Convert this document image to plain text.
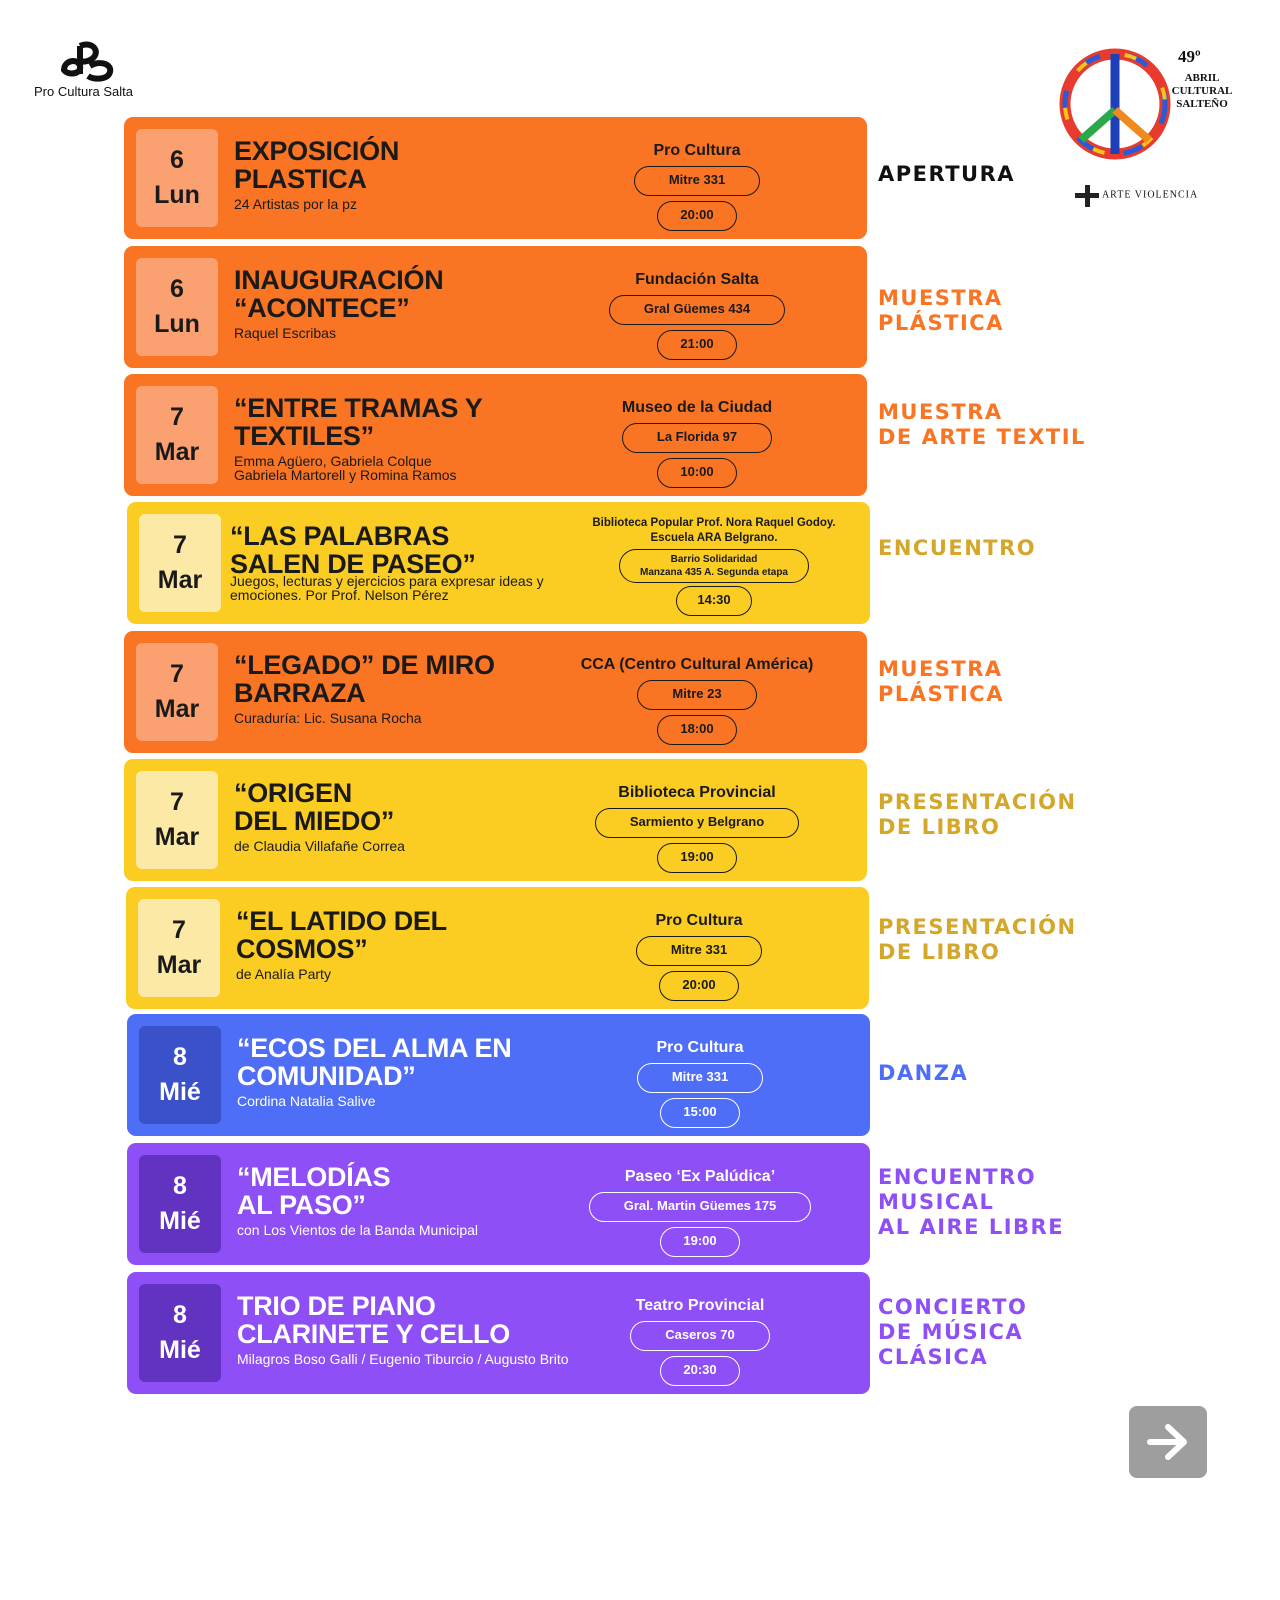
Pro Cultura Salta
49º
ABRIL CULTURAL SALTEÑO
ARTE VIOLENCIA
6
Lun
EXPOSICIÓN
PLASTICA
24 Artistas por la pz
Pro Cultura
Mitre 331
20:00
APERTURA
6
Lun
INAUGURACIÓN
“ACONTECE”
Raquel Escribas
Fundación Salta
Gral Güemes 434
21:00
MUESTRA
PLÁSTICA
7
Mar
“ENTRE TRAMAS Y
TEXTILES”
Emma Agüero, Gabriela Colque
Gabriela Martorell y Romina Ramos
Museo de la Ciudad
La Florida 97
10:00
MUESTRA
DE ARTE TEXTIL
7
Mar
“LAS PALABRAS
SALEN DE PASEO”
Juegos, lecturas y ejercicios para expresar ideas y
emociones. Por Prof. Nelson Pérez
Biblioteca Popular Prof. Nora Raquel Godoy.
Escuela ARA Belgrano.
Barrio Solidaridad
Manzana 435 A. Segunda etapa
14:30
ENCUENTRO
7
Mar
“LEGADO” DE MIRO
BARRAZA
Curaduría: Lic. Susana Rocha
CCA (Centro Cultural América)
Mitre 23
18:00
MUESTRA
PLÁSTICA
7
Mar
“ORIGEN
DEL MIEDO”
de Claudia Villafañe Correa
Biblioteca Provincial
Sarmiento y Belgrano
19:00
PRESENTACIÓN
DE LIBRO
7
Mar
“EL LATIDO DEL
COSMOS”
de Analía Party
Pro Cultura
Mitre 331
20:00
PRESENTACIÓN
DE LIBRO
8
Mié
“ECOS DEL ALMA EN
COMUNIDAD”
Cordina Natalia Salive
Pro Cultura
Mitre 331
15:00
DANZA
8
Mié
“MELODÍAS
AL PASO”
con Los Vientos de la Banda Municipal
Paseo ‘Ex Palúdica’
Gral. Martin Güemes 175
19:00
ENCUENTRO
MUSICAL
AL AIRE LIBRE
8
Mié
TRIO DE PIANO
CLARINETE Y CELLO
Milagros Boso Galli / Eugenio Tiburcio / Augusto Brito
Teatro Provincial
Caseros 70
20:30
CONCIERTO
DE MÚSICA
CLÁSICA
